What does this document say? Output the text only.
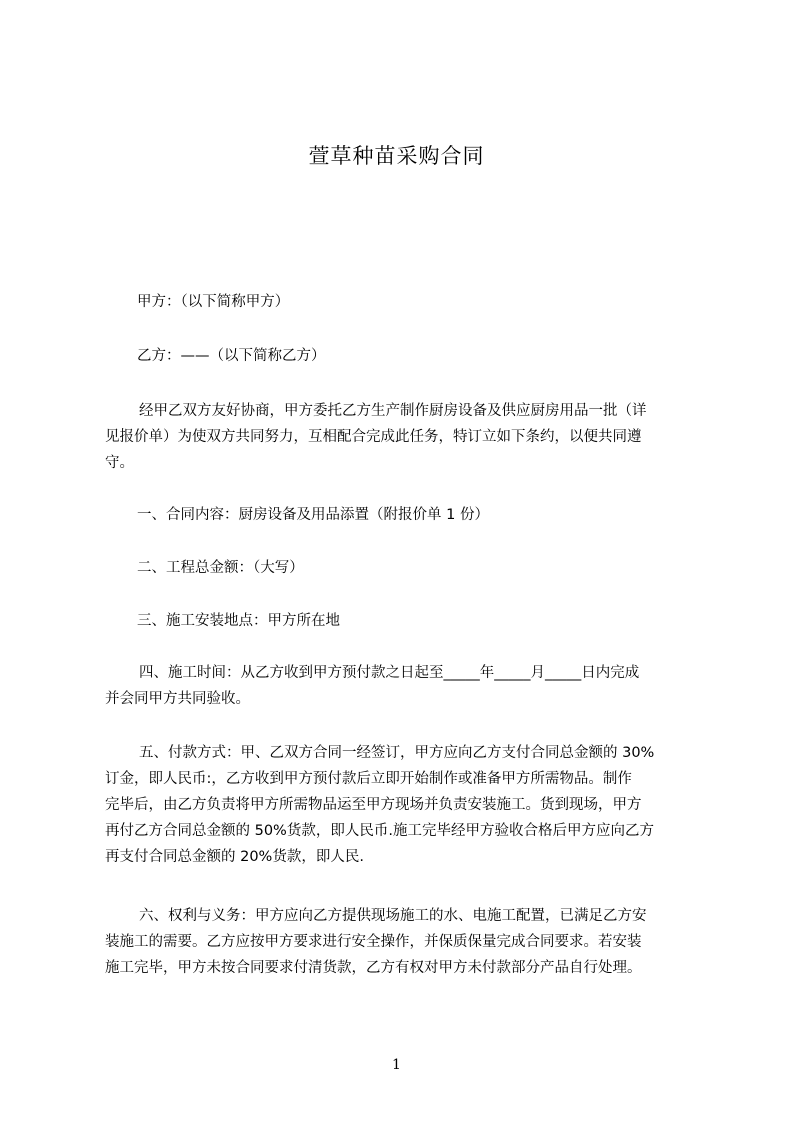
萱草种苗采购合同
甲方：（以下简称甲方）
乙方：——（以下简称乙方）
经甲乙双方友好协商，甲方委托乙方生产制作厨房设备及供应厨房用品一批（详
见报价单）为使双方共同努力，互相配合完成此任务，特订立如下条约，以便共同遵
守。
一、合同内容：厨房设备及用品添置（附报价单 1 份）
二、工程总金额：（大写）
三、施工安装地点：甲方所在地
四、施工时间：从乙方收到甲方预付款之日起至_____年_____月_____日内完成
并会同甲方共同验收。
五、付款方式：甲、乙双方合同一经签订，甲方应向乙方支付合同总金额的 30%
订金，即人民币:，乙方收到甲方预付款后立即开始制作或准备甲方所需物品。制作
完毕后，由乙方负责将甲方所需物品运至甲方现场并负责安装施工。货到现场，甲方
再付乙方合同总金额的 50%货款，即人民币.施工完毕经甲方验收合格后甲方应向乙方
再支付合同总金额的 20%货款，即人民.
六、权利与义务：甲方应向乙方提供现场施工的水、电施工配置，已满足乙方安
装施工的需要。乙方应按甲方要求进行安全操作，并保质保量完成合同要求。若安装
施工完毕，甲方未按合同要求付清货款，乙方有权对甲方未付款部分产品自行处理。
1
